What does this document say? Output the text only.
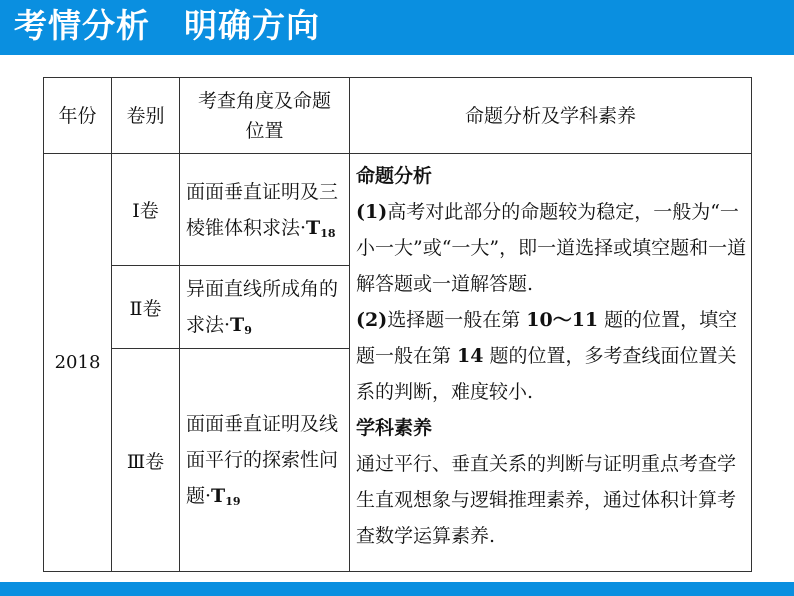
考情分析　明确方向
年份	卷别	考查角度及命题位置	命题分析及学科素养
2018	Ⅰ卷	面面垂直证明及三棱锥体积求法$\cdot T_{18}$	命题分析
(1)高考对此部分的命题较为稳定，一般为“一小一大”或“一大”，即一道选择或填空题和一道解答题或一道解答题.
(2)选择题一般在第 10～11 题的位置，填空题一般在第 14 题的位置，多考查线面位置关系的判断，难度较小.
学科素养
通过平行、垂直关系的判断与证明重点考查学生直观想象与逻辑推理素养，通过体积计算考查数学运算素养.

	Ⅱ卷	异面直线所成角的求法$\cdot T_9$
	Ⅲ卷	面面垂直证明及线面平行的探索性问题$\cdot T_{19}$
